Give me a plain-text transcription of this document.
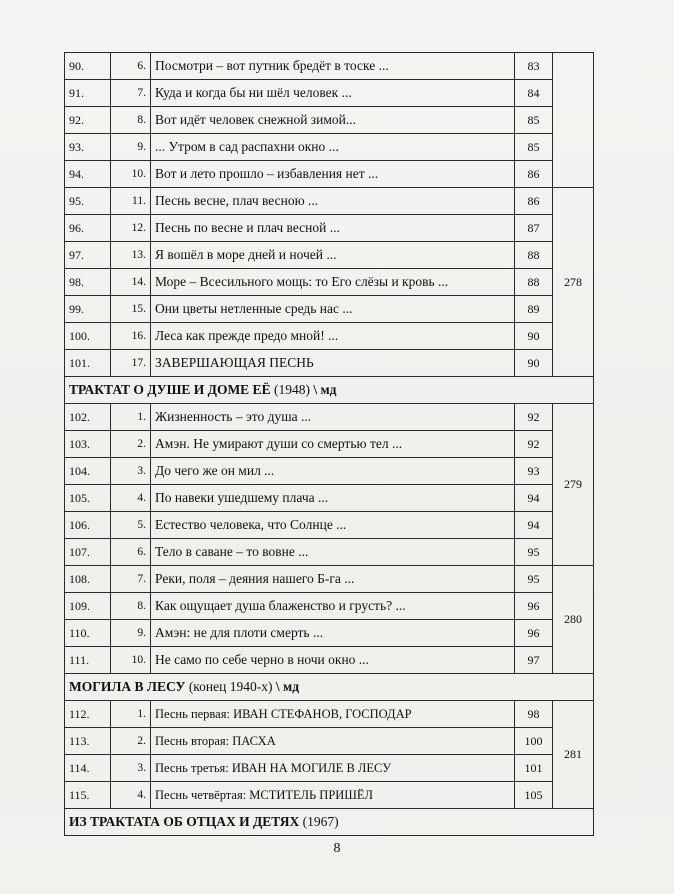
90.	6.	Посмотри – вот путник бредёт в тоске ...	83	
91.	7.	Куда и когда бы ни шёл человек ...	84	
92.	8.	Вот идёт человек снежной зимой...	85	
93.	9.	... Утром в сад распахни окно ...	85	
94.	10.	Вот и лето прошло – избавления нет ...	86	
95.	11.	Песнь весне, плач весною ...	86	278
96.	12.	Песнь по весне и плач весной ...	87	
97.	13.	Я вошёл в море дней и ночей ...	88	
98.	14.	Море – Всесильного мощь: то Его слёзы и кровь ...	88	
99.	15.	Они цветы нетленные средь нас ...	89	
100.	16.	Леса как прежде предо мной! ...	90	
101.	17.	ЗАВЕРШАЮЩАЯ ПЕСНЬ	90	
ТРАКТАТ О ДУШЕ И ДОМЕ ЕЁ (1948) \ мд				
102.	1.	Жизненность – это душа ...	92	279
103.	2.	Амэн. Не умирают души со смертью тел ...	92	
104.	3.	До чего же он мил ...	93	
105.	4.	По навеки ушедшему плача ...	94	
106.	5.	Естество человека, что Солнце ...	94	
107.	6.	Тело в саване – то вовне ...	95	
108.	7.	Реки, поля – деяния нашего Б-га ...	95	280
109.	8.	Как ощущает душа блаженство и грусть? ...	96	
110.	9.	Амэн: не для плоти смерть ...	96	
111.	10.	Не само по себе черно в ночи окно ...	97	
МОГИЛА В ЛЕСУ (конец 1940-х) \ мд				
112.	1.	Песнь первая: ИВАН СТЕФАНОВ, ГОСПОДАР	98	281
113.	2.	Песнь вторая: ПАСХА	100	
114.	3.	Песнь третья: ИВАН НА МОГИЛЕ В ЛЕСУ	101	
115.	4.	Песнь четвёртая: МСТИТЕЛЬ ПРИШЁЛ	105	
ИЗ ТРАКТАТА ОБ ОТЦАХ И ДЕТЯХ (1967)				
8
